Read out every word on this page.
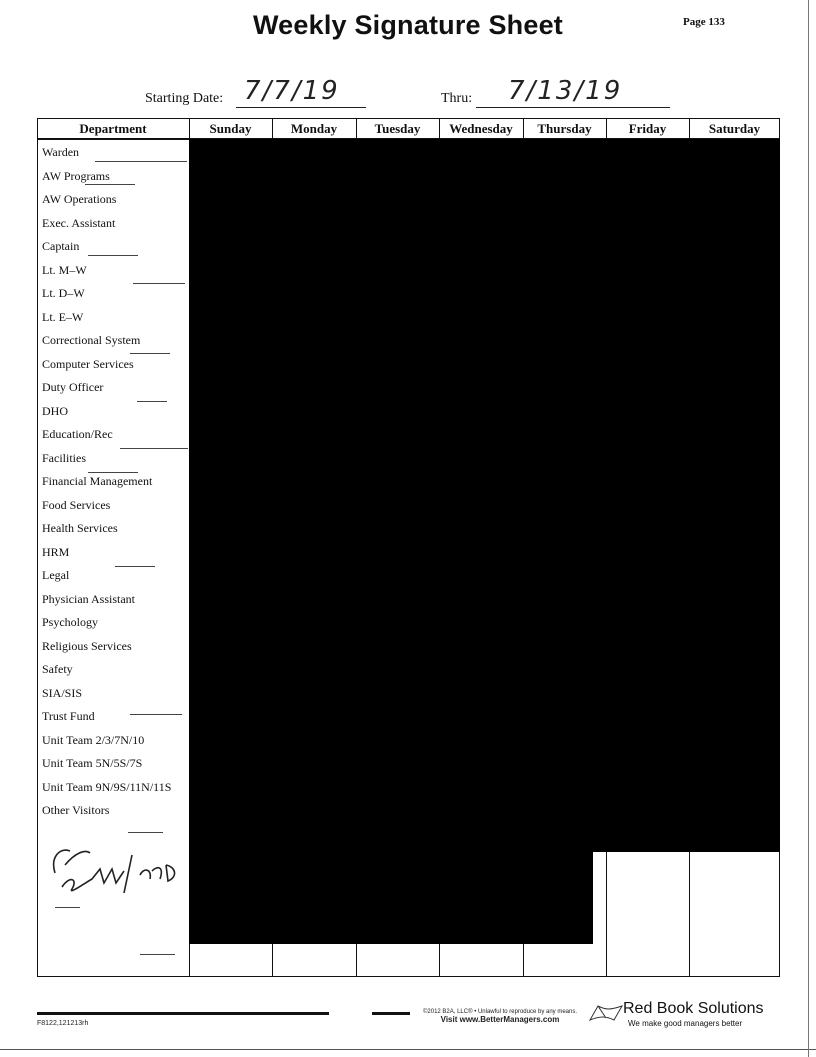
Weekly Signature Sheet	Page 133
Starting Date: 7/7/19	Thru: 7/13/19
Department	Sunday	Monday	Tuesday	Wednesday	Thursday	Friday	Saturday
Warden
AW Programs
AW Operations
Exec. Assistant
Captain
Lt. M–W
Lt. D–W
Lt. E–W
Correctional System
Computer Services
Duty Officer
DHO
Education/Rec
Facilities
Financial Management
Food Services
Health Services
HRM
Legal
Physician Assistant
Psychology
Religious Services
Safety
SIA/SIS
Trust Fund
Unit Team 2/3/7N/10
Unit Team 5N/5S/7S
Unit Team 9N/9S/11N/11S
Other Visitors
Von Shmn / PKD
F8122,121213rh
©2012 B2A, LLC® • Unlawful to reproduce by any means.
Visit www.BetterManagers.com
Red Book Solutions
We make good managers better
